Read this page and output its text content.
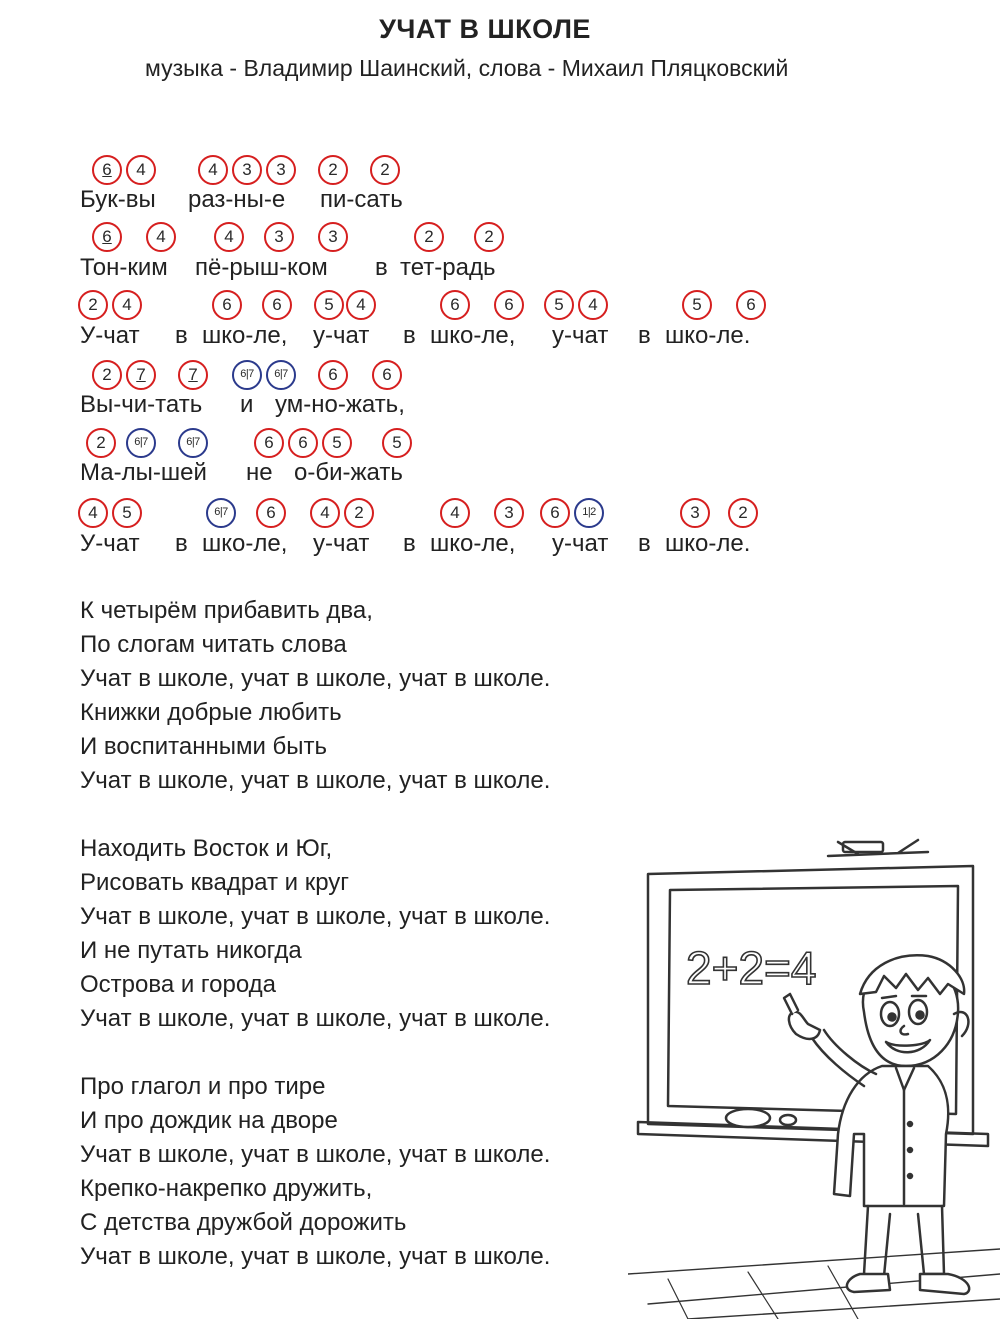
УЧАТ В ШКОЛЕ
музыка - Владимир Шаинский, слова - Михаил Пляцковский
6	4	4	3	3	2	2
Бук-вы раз-ны-е пи-сать
6	4	4	3	3	2	2
Тон-ким пё-рыш-ком в тет-радь
2	4	6	6	5	4	6	6	5	4	5	6
У-чат в шко-ле, у-чат в шко-ле, у-чат в шко-ле.
2	7	7	6|7	6|7	6	6
Вы-чи-тать и ум-но-жать,
2	6|7	6|7	6	6	5	5
Ма-лы-шей не о-би-жать
4	5	6|7	6	4	2	4	3	6	1|2	3	2
У-чат в шко-ле, у-чат в шко-ле, у-чат в шко-ле.
К четырём прибавить два,
По слогам читать слова
Учат в школе, учат в школе, учат в школе.
Книжки добрые любить
И воспитанными быть
Учат в школе, учат в школе, учат в школе.
Находить Восток и Юг,
Рисовать квадрат и круг
Учат в школе, учат в школе, учат в школе.
И не путать никогда
Острова и города
Учат в школе, учат в школе, учат в школе.
Про глагол и про тире
И про дождик на дворе
Учат в школе, учат в школе, учат в школе.
Крепко-накрепко дружить,
С детства дружбой дорожить
Учат в школе, учат в школе, учат в школе.
2+2=4
